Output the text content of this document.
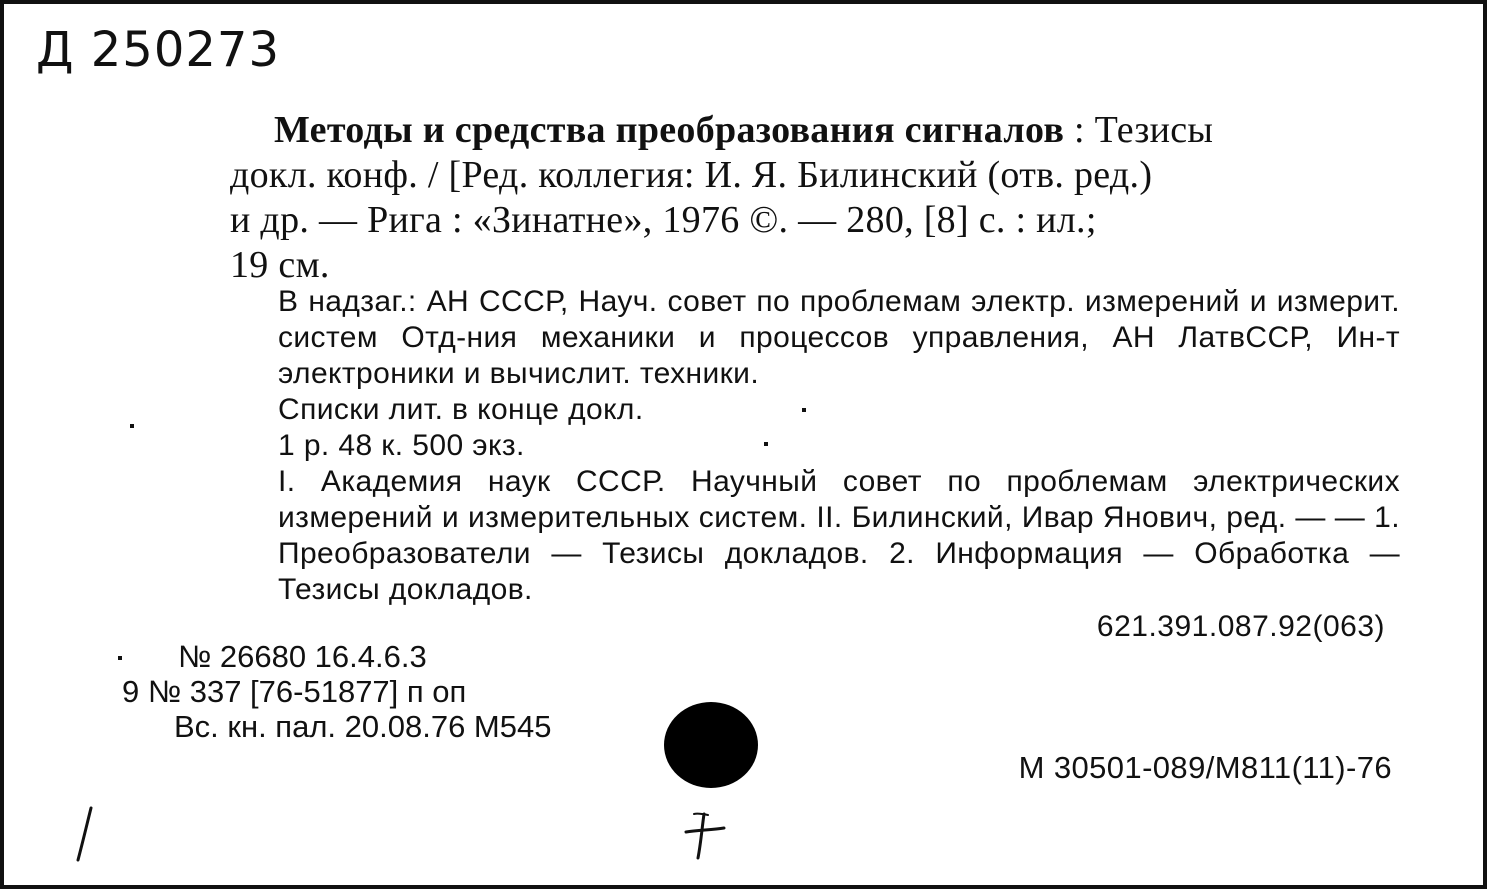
Д 250273
Методы и средства преобразования сигналов : Тезисы
докл. конф. / [Ред. коллегия: И. Я. Билинский (отв. ред.)
и др. — Рига : «Зинатне», 1976 ©. — 280, [8] с. : ил.;
19 см.
В надзаг.: АН СССР, Науч. совет по проблемам электр. измерений и измерит. систем Отд-ния механики и процессов управления, АН ЛатвССР, Ин-т электроники и вычислит. техники.
Списки лит. в конце докл.
1 р. 48 к. 500 экз.
I. Академия наук СССР. Научный совет по проблемам электрических измерений и измерительных систем. II. Билинский, Ивар Янович, ред. — — 1. Преобразователи — Тезисы докладов. 2. Информация — Обработка — Тезисы докладов.
621.391.087.92(063)
№ 26680 16.4.6.3
9 № 337 [76-51877] п оп
Вс. кн. пал. 20.08.76 М545
М 30501-089/М811(11)-76
